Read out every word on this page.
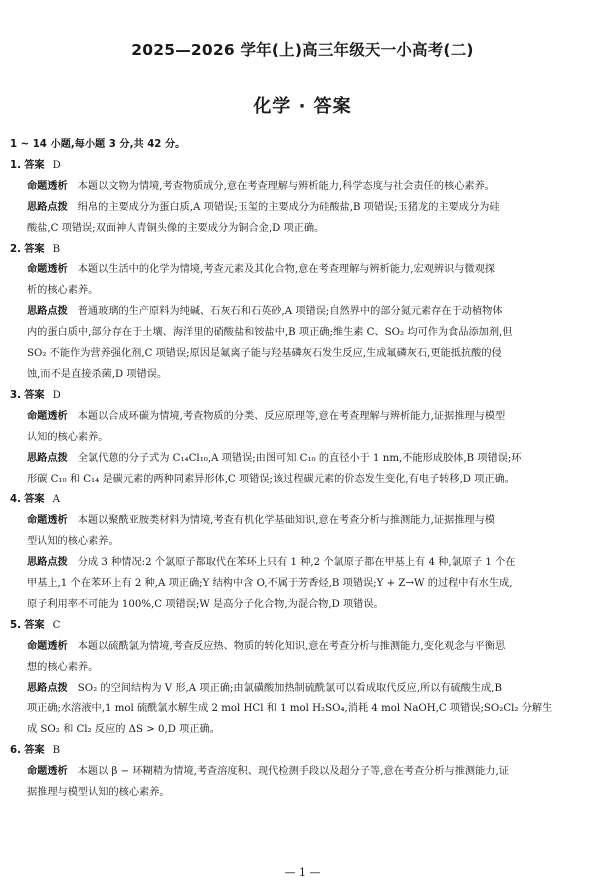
2025—2026 学年(上)高三年级天一小高考(二)
化学 · 答案
1 ~ 14 小题,每小题 3 分,共 42 分。
1. 答案 D
命题透析 本题以文物为情境,考查物质成分,意在考查理解与辨析能力,科学态度与社会责任的核心素养。
思路点拨 绢帛的主要成分为蛋白质,A 项错误;玉玺的主要成分为硅酸盐,B 项错误;玉猪龙的主要成分为硅
酸盐,C 项错误;双面神人青铜头像的主要成分为铜合金,D 项正确。
2. 答案 B
命题透析 本题以生活中的化学为情境,考查元素及其化合物,意在考查理解与辨析能力,宏观辨识与微观探
析的核心素养。
思路点拨 普通玻璃的生产原料为纯碱、石灰石和石英砂,A 项错误;自然界中的部分氮元素存在于动植物体
内的蛋白质中,部分存在于土壤、海洋里的硝酸盐和铵盐中,B 项正确;维生素 C、SO₂ 均可作为食品添加剂,但
SO₂ 不能作为营养强化剂,C 项错误;原因是氟离子能与羟基磷灰石发生反应,生成氟磷灰石,更能抵抗酸的侵
蚀,而不是直接杀菌,D 项错误。
3. 答案 D
命题透析 本题以合成环碳为情境,考查物质的分类、反应原理等,意在考查理解与辨析能力,证据推理与模型
认知的核心素养。
思路点拨 全氯代蒽的分子式为 C₁₄Cl₁₀,A 项错误;由图可知 C₁₀ 的直径小于 1 nm,不能形成胶体,B 项错误;环
形碳 C₁₀ 和 C₁₄ 是碳元素的两种同素异形体,C 项错误;该过程碳元素的价态发生变化,有电子转移,D 项正确。
4. 答案 A
命题透析 本题以聚酰亚胺类材料为情境,考查有机化学基础知识,意在考查分析与推测能力,证据推理与模
型认知的核心素养。
思路点拨 分成 3 种情况:2 个氯原子都取代在苯环上只有 1 种,2 个氯原子都在甲基上有 4 种,氯原子 1 个在
甲基上,1 个在苯环上有 2 种,A 项正确;Y 结构中含 O,不属于芳香烃,B 项错误;Y + Z→W 的过程中有水生成,
原子利用率不可能为 100%,C 项错误;W 是高分子化合物,为混合物,D 项错误。
5. 答案 C
命题透析 本题以硫酰氯为情境,考查反应热、物质的转化知识,意在考查分析与推测能力,变化观念与平衡思
想的核心素养。
思路点拨 SO₂ 的空间结构为 V 形,A 项正确;由氯磺酸加热制硫酰氯可以看成取代反应,所以有硫酸生成,B
项正确;水溶液中,1 mol 硫酰氯水解生成 2 mol HCl 和 1 mol H₂SO₄,消耗 4 mol NaOH,C 项错误;SO₂Cl₂ 分解生
成 SO₂ 和 Cl₂ 反应的 ΔS > 0,D 项正确。
6. 答案 B
命题透析 本题以 β − 环糊精为情境,考查溶度积、现代检测手段以及超分子等,意在考查分析与推测能力,证
据推理与模型认知的核心素养。
— 1 —
